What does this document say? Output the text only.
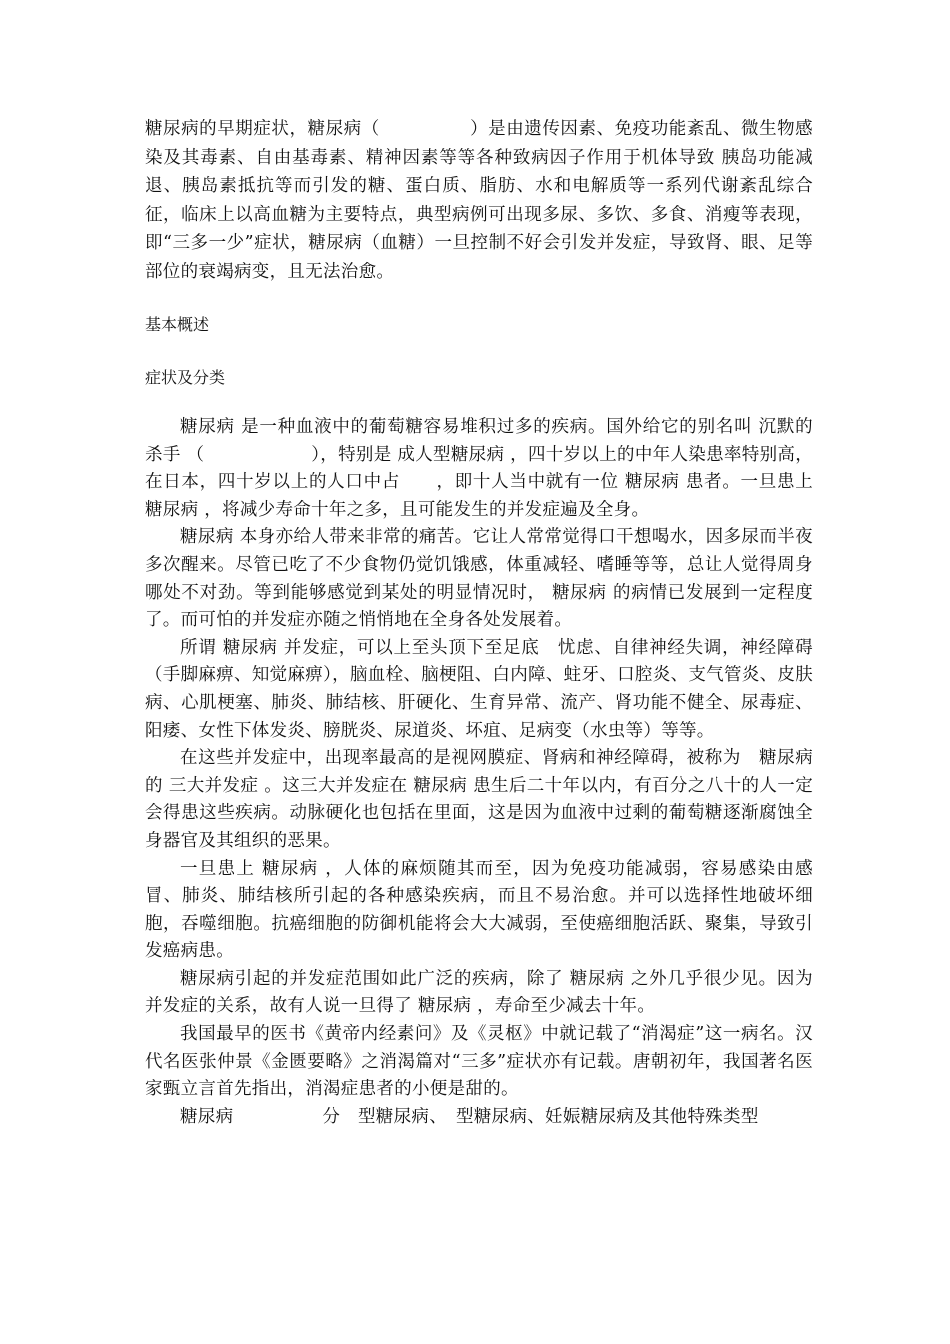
糖尿病的早期症状，糖尿病（　　　　　）是由遗传因素、免疫功能紊乱、微生物感染及其毒素、自由基毒素、精神因素等等各种致病因子作用于机体导致 胰岛功能减退、胰岛素抵抗等而引发的糖、蛋白质、脂肪、水和电解质等一系列代谢紊乱综合征，临床上以高血糖为主要特点，典型病例可出现多尿、多饮、多食、消瘦等表现，即“三多一少”症状，糖尿病（血糖）一旦控制不好会引发并发症，导致肾、眼、足等部位的衰竭病变，且无法治愈。

基本概述
症状及分类

糖尿病 是一种血液中的葡萄糖容易堆积过多的疾病。国外给它的别名叫 沉默的杀手 （　　　　　　），特别是 成人型糖尿病 ，四十岁以上的中年人染患率特别高，在日本，四十岁以上的人口中占　　，即十人当中就有一位 糖尿病 患者。一旦患上 糖尿病 ，将减少寿命十年之多，且可能发生的并发症遍及全身。

糖尿病 本身亦给人带来非常的痛苦。它让人常常觉得口干想喝水，因多尿而半夜多次醒来。尽管已吃了不少食物仍觉饥饿感，体重减轻、嗜睡等等，总让人觉得周身哪处不对劲。等到能够感觉到某处的明显情况时， 糖尿病 的病情已发展到一定程度了。而可怕的并发症亦随之悄悄地在全身各处发展着。

所谓 糖尿病 并发症，可以上至头顶下至足底　忧虑、自律神经失调，神经障碍（手脚麻痹、知觉麻痹），脑血栓、脑梗阻、白内障、蛀牙、口腔炎、支气管炎、皮肤病、心肌梗塞、肺炎、肺结核、肝硬化、生育异常、流产、肾功能不健全、尿毒症、阳痿、女性下体发炎、膀胱炎、尿道炎、坏疽、足病变（水虫等）等等。

在这些并发症中，出现率最高的是视网膜症、肾病和神经障碍，被称为　糖尿病 的 三大并发症 。这三大并发症在 糖尿病 患生后二十年以内，有百分之八十的人一定会得患这些疾病。动脉硬化也包括在里面，这是因为血液中过剩的葡萄糖逐渐腐蚀全身器官及其组织的恶果。

一旦患上 糖尿病 ，人体的麻烦随其而至，因为免疫功能减弱，容易感染由感冒、肺炎、肺结核所引起的各种感染疾病，而且不易治愈。并可以选择性地破坏细胞，吞噬细胞。抗癌细胞的防御机能将会大大减弱，至使癌细胞活跃、聚集，导致引发癌病患。

糖尿病引起的并发症范围如此广泛的疾病，除了 糖尿病 之外几乎很少见。因为并发症的关系，故有人说一旦得了 糖尿病 ，寿命至少减去十年。

我国最早的医书《黄帝内经素问》及《灵枢》中就记载了“消渴症”这一病名。汉代名医张仲景《金匮要略》之消渴篇对“三多”症状亦有记载。唐朝初年，我国著名医家甄立言首先指出，消渴症患者的小便是甜的。

糖尿病　　　　　分　型糖尿病、　型糖尿病、妊娠糖尿病及其他特殊类型
